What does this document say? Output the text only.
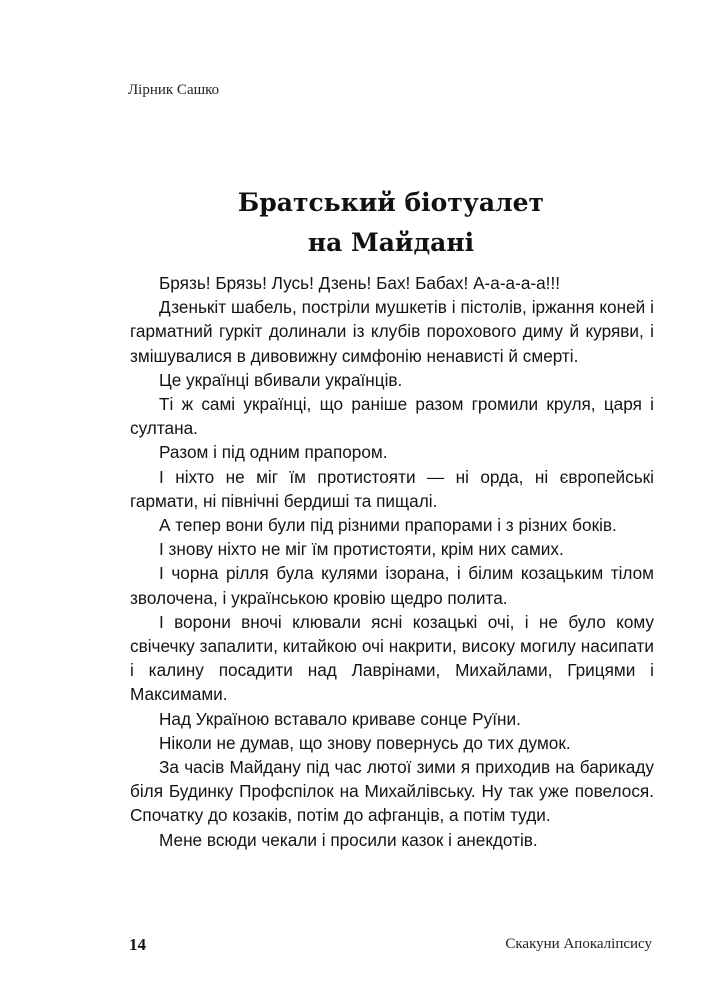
Лірник Сашко
Братський біотуалет
на Майдані

Брязь! Брязь! Лусь! Дзень! Бах! Бабах! А-а-а-а-а!!!

Дзенькіт шабель, постріли мушкетів і пістолів, іржання коней і гарматний гуркіт долинали із клубів порохового диму й куряви, і змішувалися в дивовижну симфонію ненависті й смерті.

Це українці вбивали українців.

Ті ж самі українці, що раніше разом громили круля, царя і султана.

Разом і під одним прапором.

І ніхто не міг їм протистояти — ні орда, ні європейські гармати, ні північні бердиші та пищалі.

А тепер вони були під різними прапорами і з різних боків.

І знову ніхто не міг їм протистояти, крім них самих.

І чорна рілля була кулями ізорана, і білим козацьким тілом зволочена, і українською кровію щедро полита.

І ворони вночі клювали ясні козацькі очі, і не було кому свічечку запалити, китайкою очі накрити, високу могилу насипати і калину посадити над Лаврінами, Михайлами, Грицями і Максимами.

Над Україною вставало криваве сонце Руїни.

Ніколи не думав, що знову повернусь до тих думок.

За часів Майдану під час лютої зими я приходив на барикаду біля Будинку Профспілок на Михайлівську. Ну так уже повелося. Спочатку до козаків, потім до афганців, а потім туди.

Мене всюди чекали і просили казок і анекдотів.

14	Скакуни Апокаліпсису
